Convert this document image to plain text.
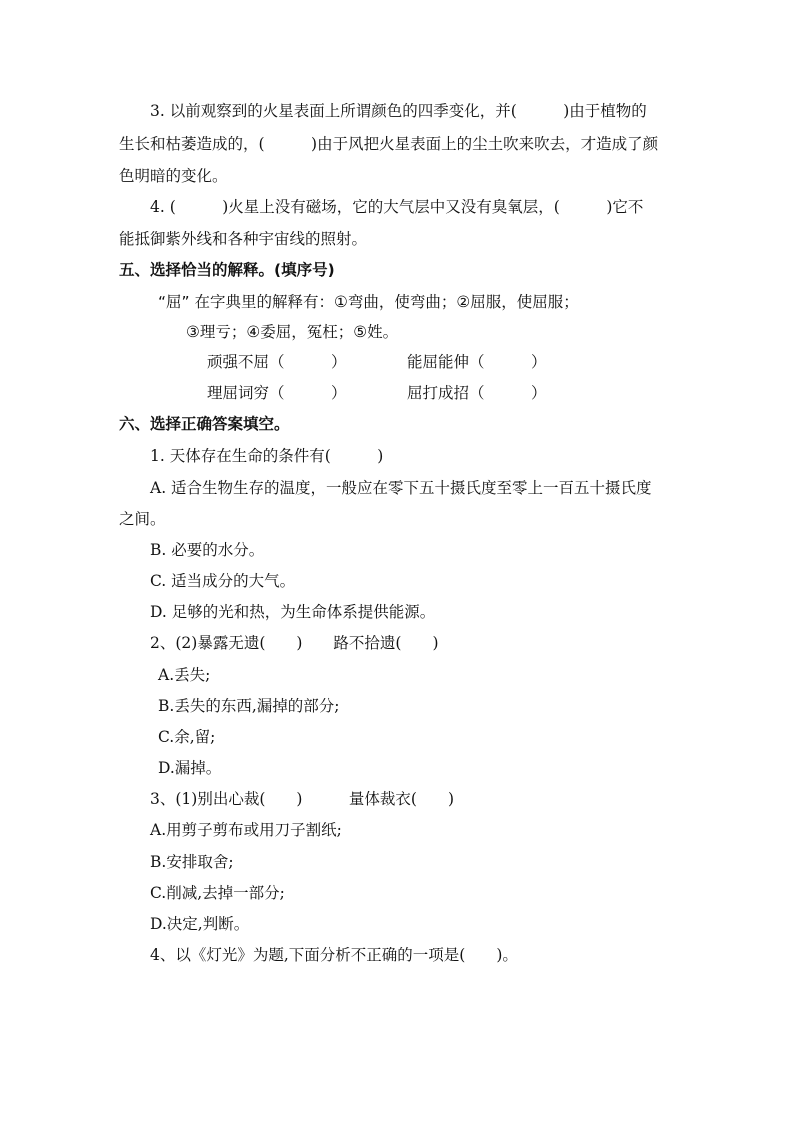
3. 以前观察到的火星表面上所谓颜色的四季变化，并(　　　)由于植物的
生长和枯萎造成的，(　　　)由于风把火星表面上的尘土吹来吹去，才造成了颜
色明暗的变化。
4. (　　　)火星上没有磁场，它的大气层中又没有臭氧层，(　　　)它不
能抵御紫外线和各种宇宙线的照射。
五、选择恰当的解释。(填序号)
“屈” 在字典里的解释有：①弯曲，使弯曲；②屈服，使屈服；
③理亏；④委屈，冤枉；⑤姓。
顽强不屈（　　　）	能屈能伸（　　　）
理屈词穷（　　　）	屈打成招（　　　）
六、选择正确答案填空。
1. 天体存在生命的条件有(　　　)
A. 适合生物生存的温度，一般应在零下五十摄氏度至零上一百五十摄氏度
之间。
B. 必要的水分。
C. 适当成分的大气。
D. 足够的光和热，为生命体系提供能源。
2、(2)暴露无遗(　　)　　路不拾遗(　　)
A.丢失;
B.丢失的东西,漏掉的部分;
C.余,留;
D.漏掉。
3、(1)别出心裁(　　)　　　量体裁衣(　　)
A.用剪子剪布或用刀子割纸;
B.安排取舍;
C.削减,去掉一部分;
D.决定,判断。
4、以《灯光》为题,下面分析不正确的一项是(　　)。
